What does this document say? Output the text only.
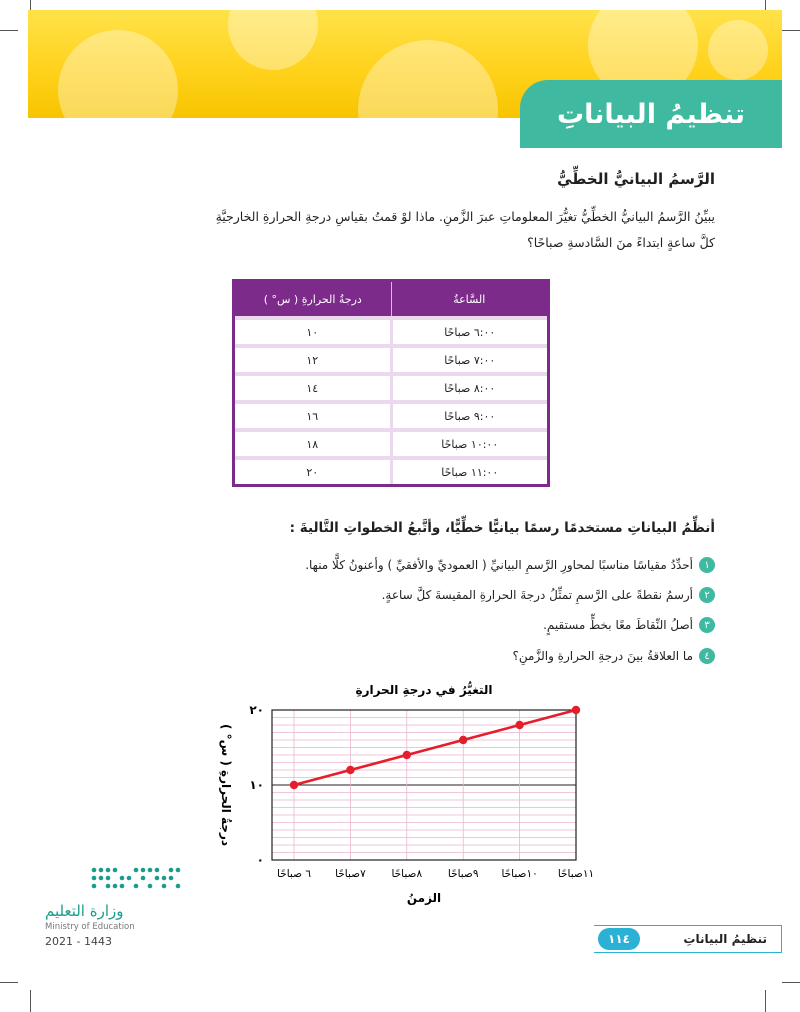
تنظيمُ البياناتِ
الرَّسمُ البيانيُّ الخطِّيُّ
يبيِّنُ الرَّسمُ البيانيُّ الخطِّيُّ تغيُّرَ المعلوماتِ عبرَ الزَّمنِ. ماذا لوْ قمتُ بقياسِ درجةِ الحرارةِ الخارجيَّةِ
كلَّ ساعةٍ ابتداءً منَ السَّادسةِ صباحًا؟
درجةُ الحرارةِ ( س° )	السَّاعةُ
١٠	٦:٠٠ صباحًا
١٢	٧:٠٠ صباحًا
١٤	٨:٠٠ صباحًا
١٦	٩:٠٠ صباحًا
١٨	١٠:٠٠ صباحًا
٢٠	١١:٠٠ صباحًا
أنظِّمُ البياناتِ مستخدمًا رسمًا بيانيًّا خطِّيًّا، وأتَّبعُ الخطواتِ التَّاليةَ :
١
أحدِّدُ مقياسًا مناسبًا لمحاورِ الرَّسمِ البيانيِّ ( العموديِّ والأفقيِّ ) وأعنونُ كلًّا منها.
٢
أرسمُ نقطةً على الرَّسمِ تمثِّلُ درجةَ الحرارةِ المقيسةَ كلَّ ساعةٍ.
٣
أصلُ النِّقاطَ معًا بخطٍّ مستقيمٍ.
٤
ما العلاقةُ بينَ درجةِ الحرارةِ والزَّمنِ؟
التغيُّرُ في درجةِ الحرارةِ
درجةُ الحرارةِ ( س° )
الزمنُ
٠
١٠
٢٠
٦ صباحًا ٧صباحًا ٨صباحًا ٩صباحًا ١٠صباحًا ١١صباحًا
وزارة التعليم
Ministry of Education
2021 - 1443	١١٤	تنظيمُ البياناتِ
